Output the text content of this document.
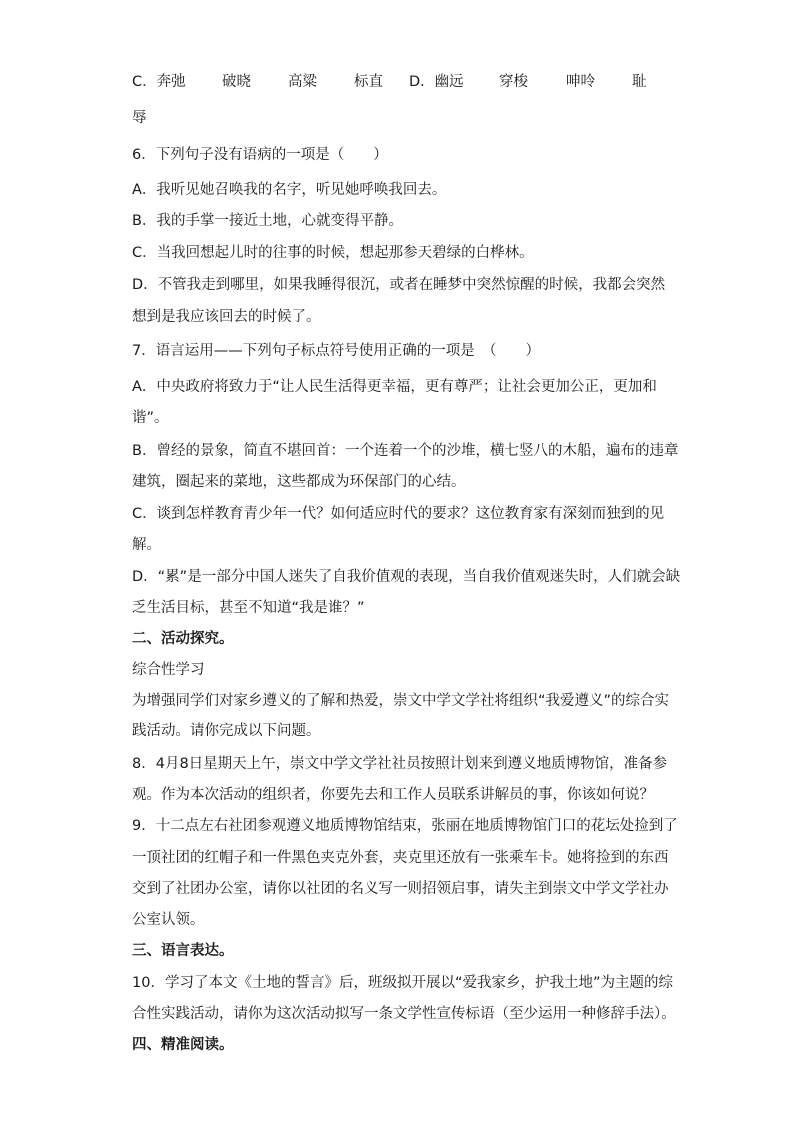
C．奔弛	破晓	高粱	标直 D．幽远 穿梭	呻呤	耻
辱
6．下列句子没有语病的一项是（　　）
A．我听见她召唤我的名字，听见她呼唤我回去。
B．我的手掌一接近土地，心就变得平静。
C．当我回想起儿时的往事的时候，想起那参天碧绿的白桦林。
D．不管我走到哪里，如果我睡得很沉，或者在睡梦中突然惊醒的时候，我都会突然
想到是我应该回去的时候了。
7．语言运用——下列句子标点符号使用正确的一项是　（　　）
A．中央政府将致力于“让人民生活得更幸福，更有尊严；让社会更加公正，更加和
谐”。
B．曾经的景象，简直不堪回首：一个连着一个的沙堆，横七竖八的木船，遍布的违章
建筑，圈起来的菜地，这些都成为环保部门的心结。
C．谈到怎样教育青少年一代？如何适应时代的要求？这位教育家有深刻而独到的见
解。
D．“累”是一部分中国人迷失了自我价值观的表现，当自我价值观迷失时，人们就会缺
乏生活目标，甚至不知道“我是谁？”
二、活动探究。
综合性学习
为增强同学们对家乡遵义的了解和热爱，崇文中学文学社将组织“我爱遵义”的综合实
践活动。请你完成以下问题。
8．4月8日星期天上午，崇文中学文学社社员按照计划来到遵义地质博物馆，准备参
观。作为本次活动的组织者，你要先去和工作人员联系讲解员的事，你该如何说？
9．十二点左右社团参观遵义地质博物馆结束，张丽在地质博物馆门口的花坛处捡到了
一顶社团的红帽子和一件黑色夹克外套，夹克里还放有一张乘车卡。她将捡到的东西
交到了社团办公室，请你以社团的名义写一则招领启事，请失主到崇文中学文学社办
公室认领。
三、语言表达。
10．学习了本文《土地的誓言》后，班级拟开展以“爱我家乡，护我土地”为主题的综
合性实践活动，请你为这次活动拟写一条文学性宣传标语（至少运用一种修辞手法）。
四、精准阅读。
